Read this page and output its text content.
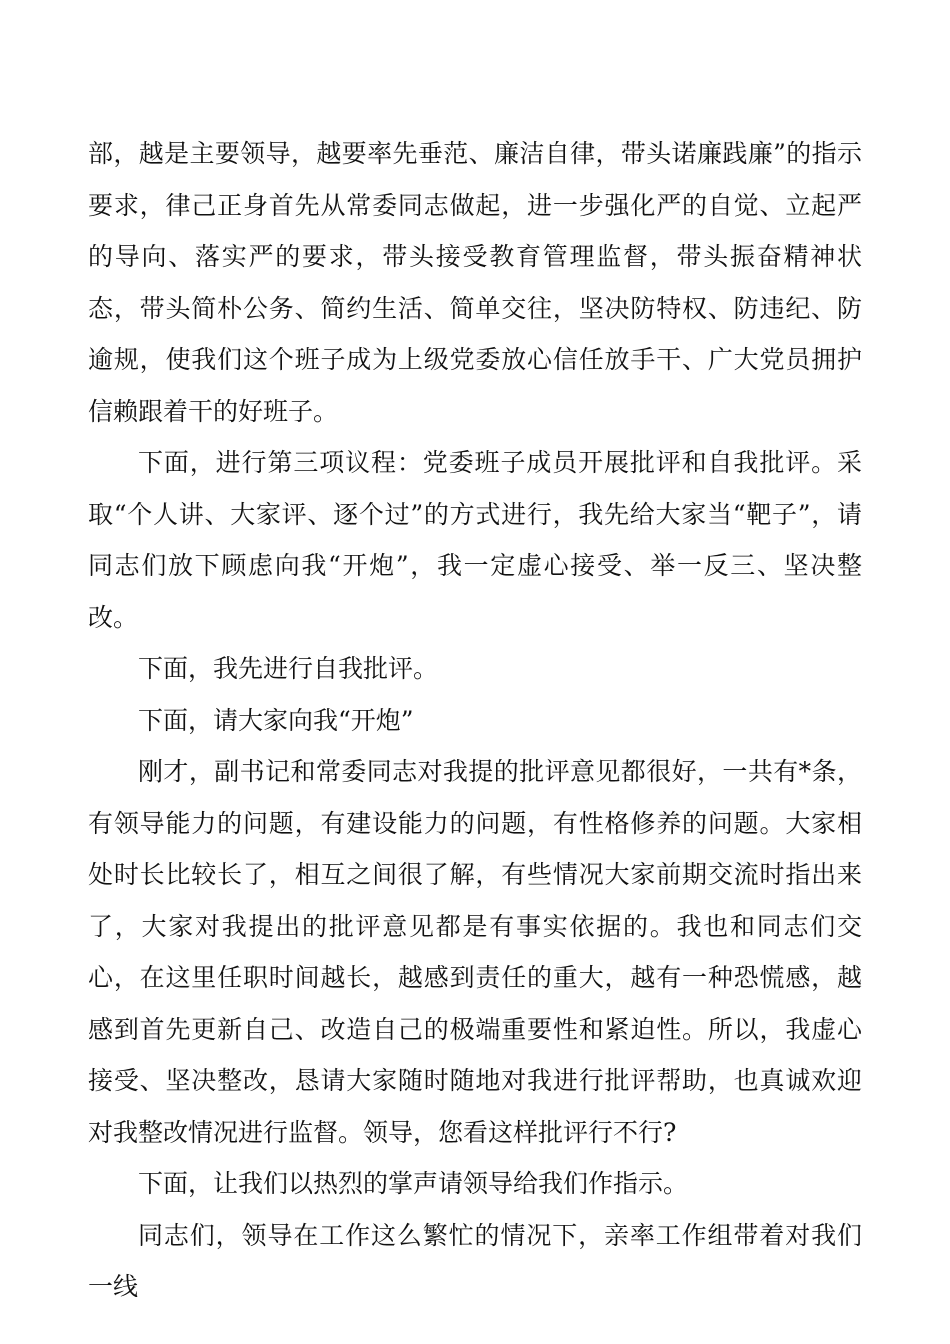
部，越是主要领导，越要率先垂范、廉洁自律，带头诺廉践廉”的指示要求，律己正身首先从常委同志做起，进一步强化严的自觉、立起严的导向、落实严的要求，带头接受教育管理监督，带头振奋精神状态，带头简朴公务、简约生活、简单交往，坚决防特权、防违纪、防逾规，使我们这个班子成为上级党委放心信任放手干、广大党员拥护信赖跟着干的好班子。

下面，进行第三项议程：党委班子成员开展批评和自我批评。采取“个人讲、大家评、逐个过”的方式进行，我先给大家当“靶子”，请同志们放下顾虑向我“开炮”，我一定虚心接受、举一反三、坚决整改。

下面，我先进行自我批评。

下面，请大家向我“开炮”

刚才，副书记和常委同志对我提的批评意见都很好，一共有*条，有领导能力的问题，有建设能力的问题，有性格修养的问题。大家相处时长比较长了，相互之间很了解，有些情况大家前期交流时指出来了，大家对我提出的批评意见都是有事实依据的。我也和同志们交心，在这里任职时间越长，越感到责任的重大，越有一种恐慌感，越感到首先更新自己、改造自己的极端重要性和紧迫性。所以，我虚心接受、坚决整改，恳请大家随时随地对我进行批评帮助，也真诚欢迎对我整改情况进行监督。领导，您看这样批评行不行?

下面，让我们以热烈的掌声请领导给我们作指示。

同志们，领导在工作这么繁忙的情况下，亲率工作组带着对我们一线
